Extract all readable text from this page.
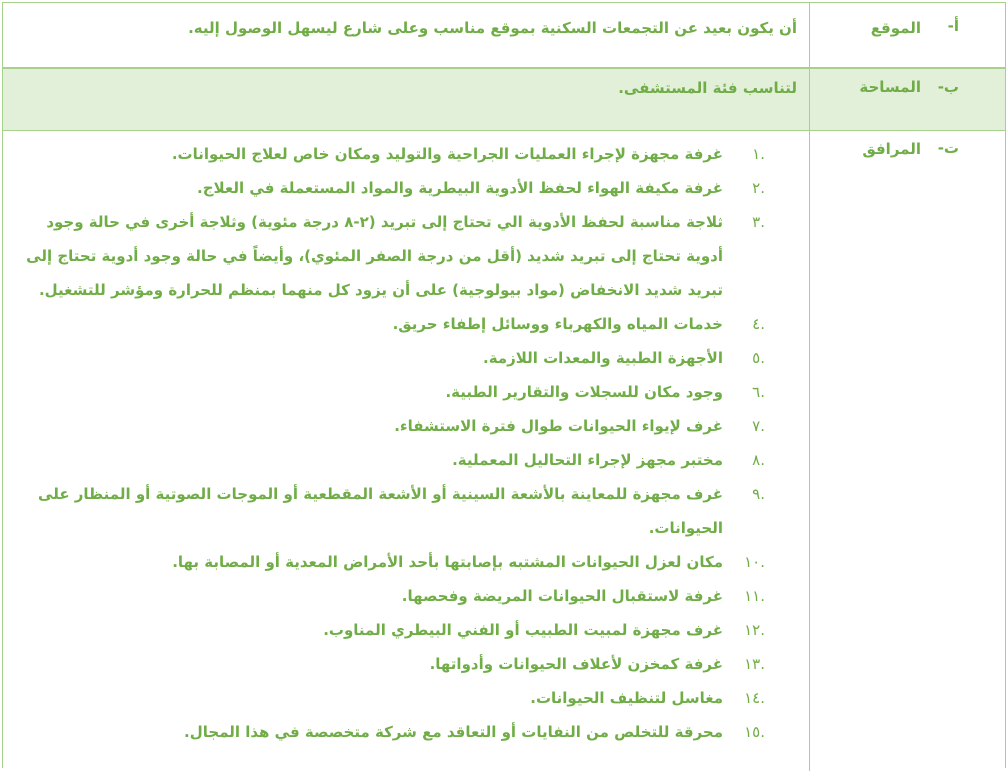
أ-
الموقع
أن يكون بعيد عن التجمعات السكنية بموقع مناسب وعلى شارع ليسهل الوصول إليه.
ب-
المساحة
لتناسب فئة المستشفى.
ت-
المرافق
.١
غرفة مجهزة لإجراء العمليات الجراحية والتوليد ومكان خاص لعلاج الحيوانات.
.٢
غرفة مكيفة الهواء لحفظ الأدوية البيطرية والمواد المستعملة في العلاج.
.٣
ثلاجة مناسبة لحفظ الأدوية الي تحتاج إلى تبريد (٢-٨ درجة مئوية) وثلاجة أخرى في حالة وجود أدوية تحتاج إلى تبريد شديد (أقل من درجة الصفر المئوي)، وأيضاً في حالة وجود أدوية تحتاج إلى تبريد شديد الانخفاض (مواد بيولوجية) على أن يزود كل منهما بمنظم للحرارة ومؤشر للتشغيل.
.٤
خدمات المياه والكهرباء ووسائل إطفاء حريق.
.٥
الأجهزة الطبية والمعدات اللازمة.
.٦
وجود مكان للسجلات والتقارير الطبية.
.٧
غرف لإيواء الحيوانات طوال فترة الاستشفاء.
.٨
مختبر مجهز لإجراء التحاليل المعملية.
.٩
غرف مجهزة للمعاينة بالأشعة السينية أو الأشعة المقطعية أو الموجات الصوتية أو المنظار على الحيوانات.
.١٠
مكان لعزل الحيوانات المشتبه بإصابتها بأحد الأمراض المعدية أو المصابة بها.
.١١
غرفة لاستقبال الحيوانات المريضة وفحصها.
.١٢
غرف مجهزة لمبيت الطبيب أو الفني البيطري المناوب.
.١٣
غرفة كمخزن لأعلاف الحيوانات وأدواتها.
.١٤
مغاسل لتنظيف الحيوانات.
.١٥
محرقة للتخلص من النفايات أو التعاقد مع شركة متخصصة في هذا المجال.
